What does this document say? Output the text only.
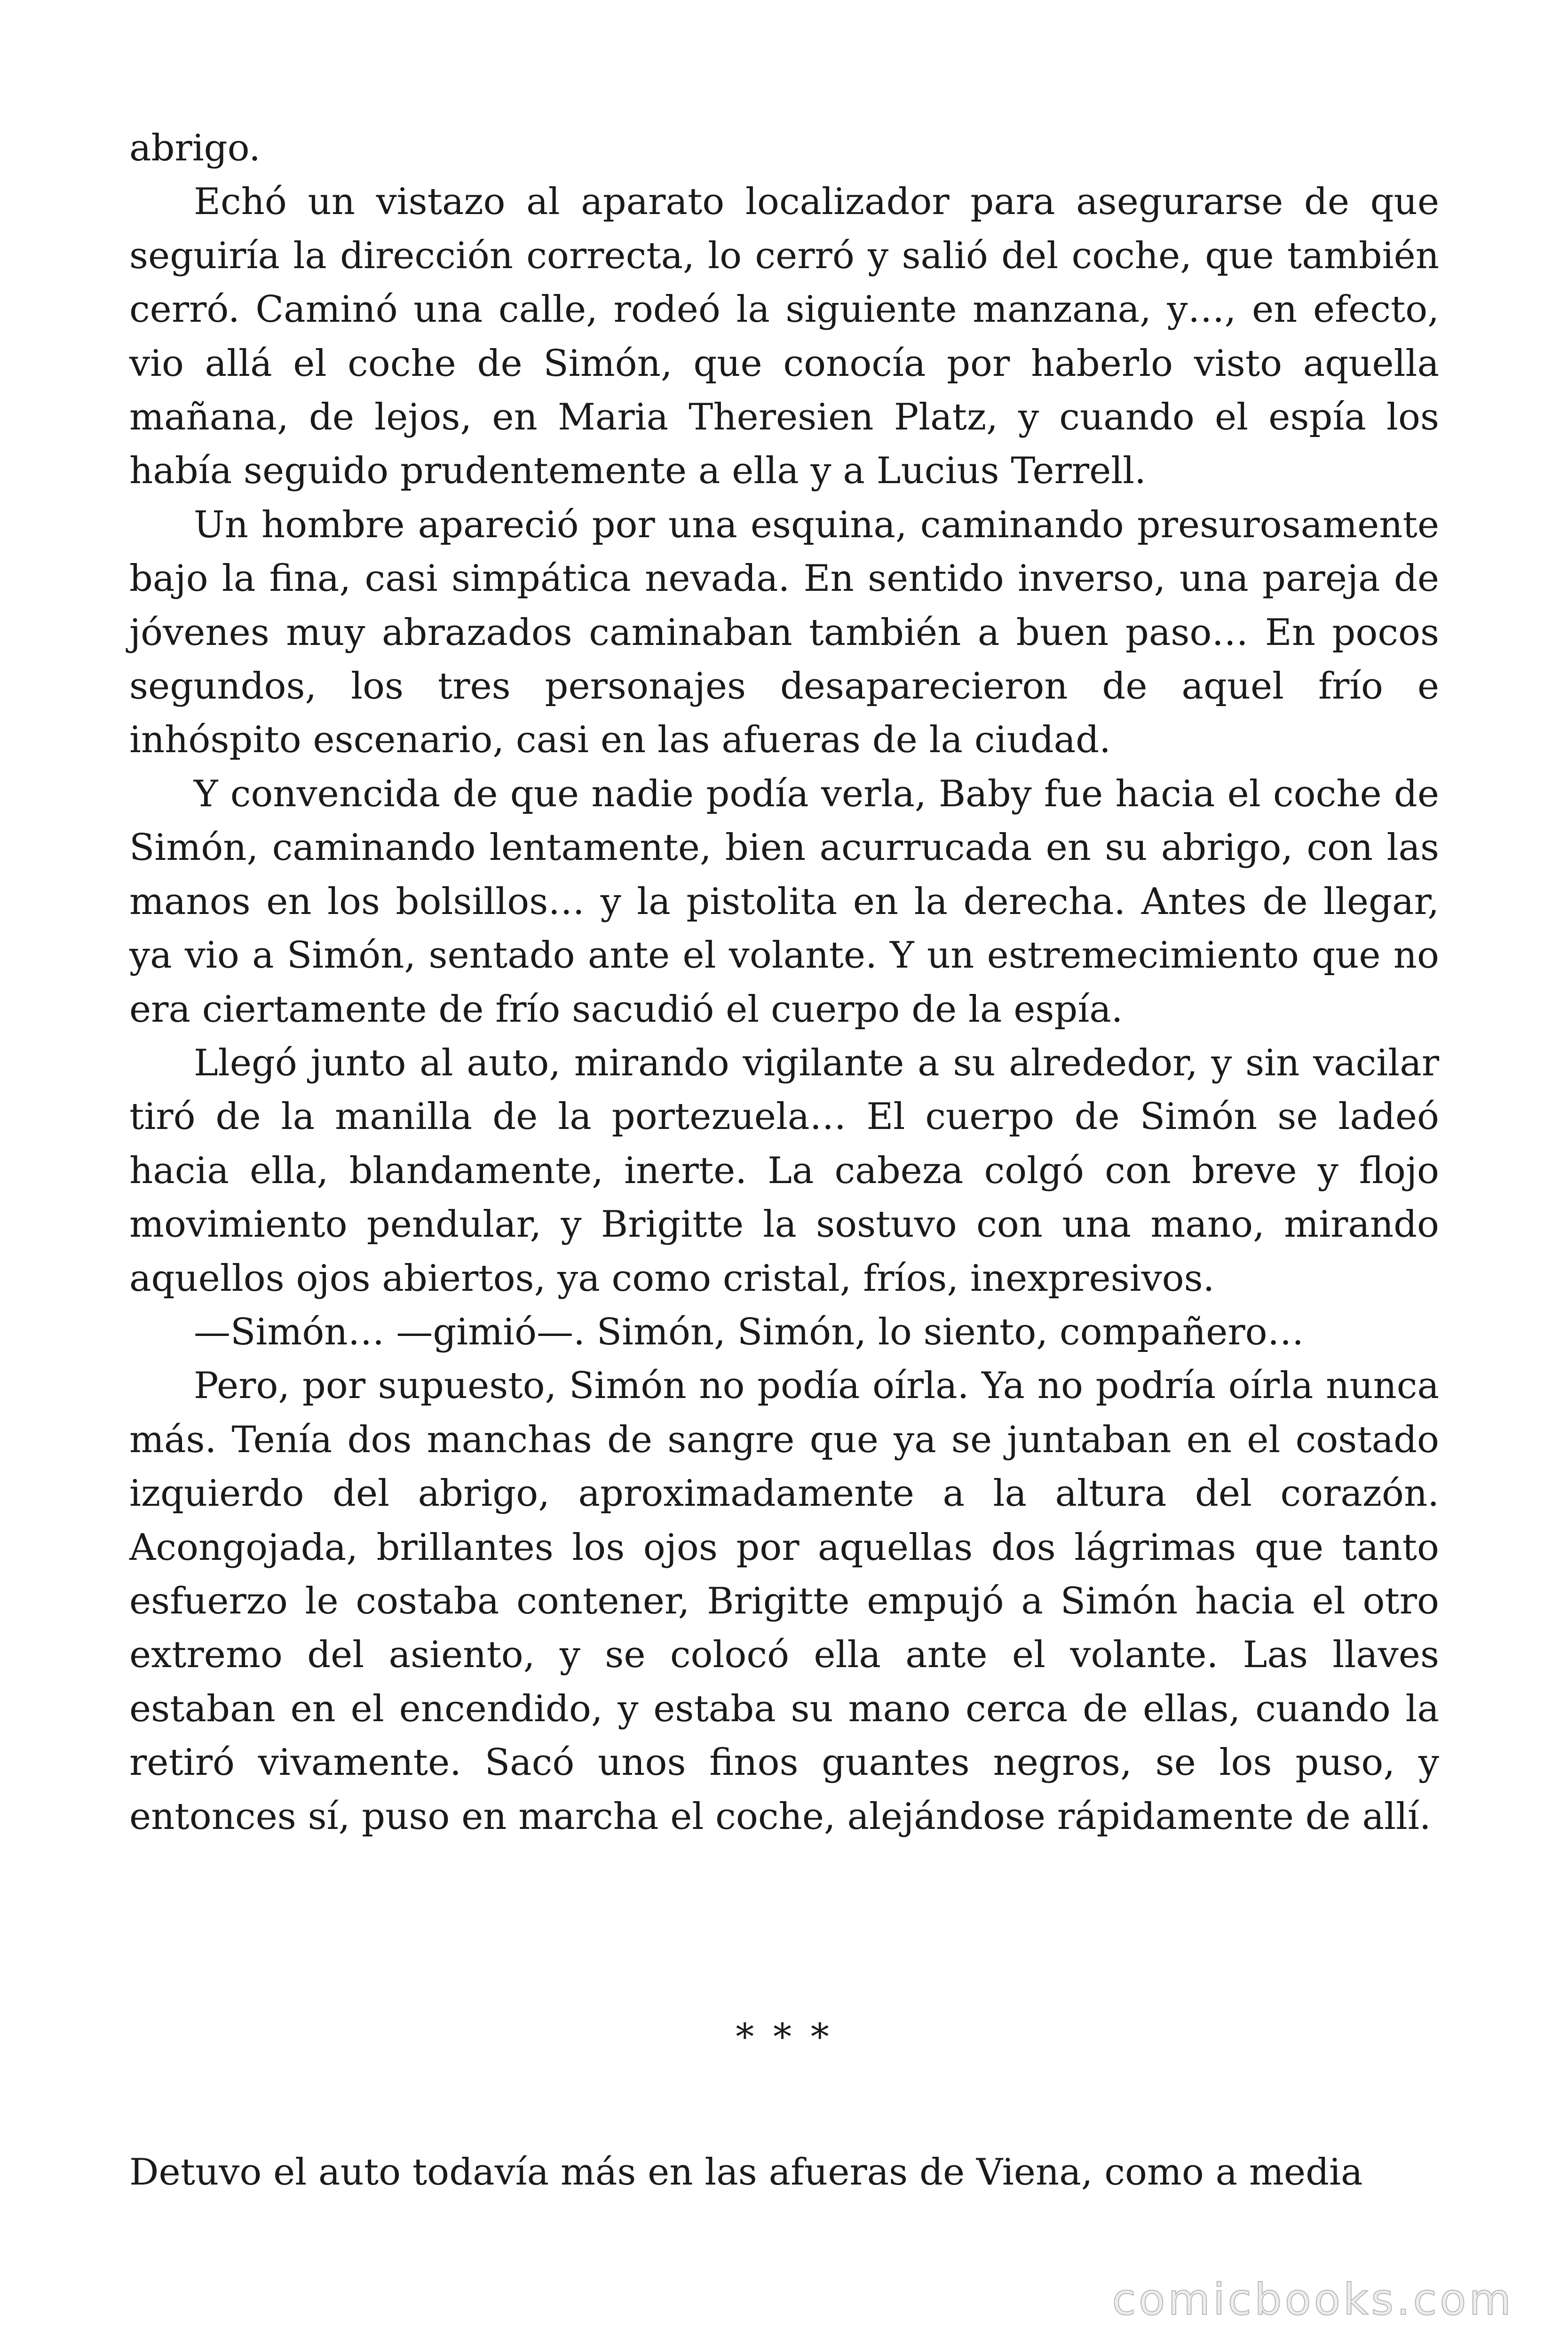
abrigo.

Echó un vistazo al aparato localizador para asegurarse de que seguiría la dirección correcta, lo cerró y salió del coche, que también cerró. Caminó una calle, rodeó la siguiente manzana, y…, en efecto, vio allá el coche de Simón, que conocía por haberlo visto aquella mañana, de lejos, en Maria Theresien Platz, y cuando el espía los había seguido prudentemente a ella y a Lucius Terrell.

Un hombre apareció por una esquina, caminando presurosamente bajo la fina, casi simpática nevada. En sentido inverso, una pareja de jóvenes muy abrazados caminaban también a buen paso… En pocos segundos, los tres personajes desaparecieron de aquel frío e inhóspito escenario, casi en las afueras de la ciudad.

Y convencida de que nadie podía verla, Baby fue hacia el coche de Simón, caminando lentamente, bien acurrucada en su abrigo, con las manos en los bolsillos… y la pistolita en la derecha. Antes de llegar, ya vio a Simón, sentado ante el volante. Y un estremecimiento que no era ciertamente de frío sacudió el cuerpo de la espía.

Llegó junto al auto, mirando vigilante a su alrededor, y sin vacilar tiró de la manilla de la portezuela… El cuerpo de Simón se ladeó hacia ella, blandamente, inerte. La cabeza colgó con breve y flojo movimiento pendular, y Brigitte la sostuvo con una mano, mirando aquellos ojos abiertos, ya como cristal, fríos, inexpresivos.

—Simón… —gimió—. Simón, Simón, lo siento, compañero…

Pero, por supuesto, Simón no podía oírla. Ya no podría oírla nunca más. Tenía dos manchas de sangre que ya se juntaban en el costado izquierdo del abrigo, aproximadamente a la altura del corazón. Acongojada, brillantes los ojos por aquellas dos lágrimas que tanto esfuerzo le costaba contener, Brigitte empujó a Simón hacia el otro extremo del asiento, y se colocó ella ante el volante. Las llaves estaban en el encendido, y estaba su mano cerca de ellas, cuando la retiró vivamente. Sacó unos finos guantes negros, se los puso, y entonces sí, puso en marcha el coche, alejándose rápidamente de allí.

* * *

Detuvo el auto todavía más en las afueras de Viena, como a media

comicbooks.com
